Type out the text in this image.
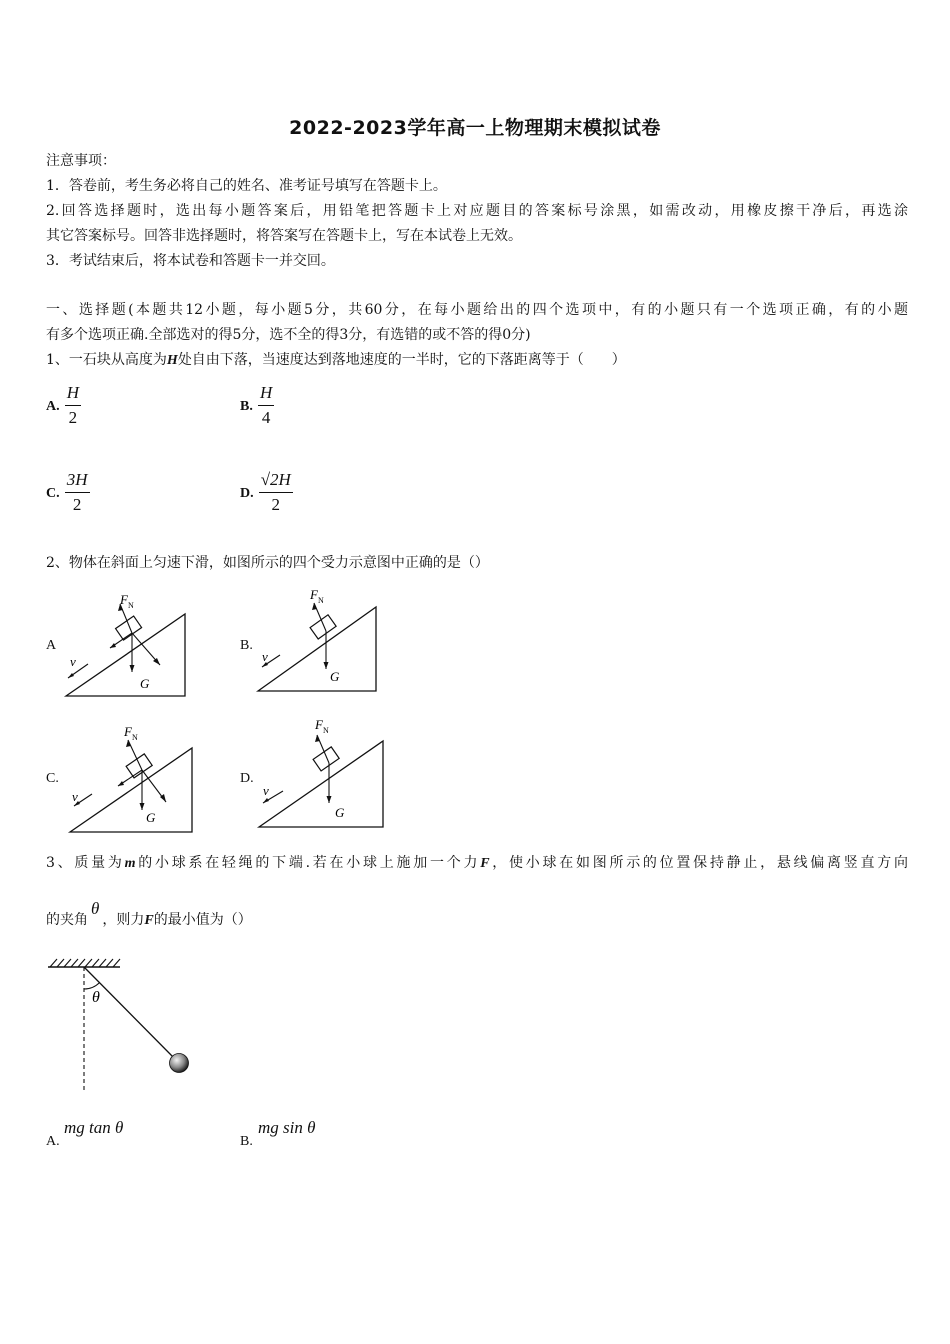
2022-2023学年高一上物理期末模拟试卷
注意事项：
1．答卷前，考生务必将自己的姓名、准考证号填写在答题卡上。
2.回答选择题时，选出每小题答案后，用铅笔把答题卡上对应题目的答案标号涂黑，如需改动，用橡皮擦干净后，再选涂
其它答案标号。回答非选择题时，将答案写在答题卡上，写在本试卷上无效。
3．考试结束后，将本试卷和答题卡一并交回。
一、选择题(本题共12小题，每小题5分，共60分，在每小题给出的四个选项中，有的小题只有一个选项正确，有的小题
有多个选项正确.全部选对的得5分，选不全的得3分，有选错的或不答的得0分)
1、一石块从高度为H处自由下落，当速度达到落地速度的一半时，它的下落距离等于（　　）
A. $\frac{H}{2}$	B. $\frac{H}{4}$
C. $\frac{3H}{2}$	D. $\frac{√2H}{2}$
2、物体在斜面上匀速下滑，如图所示的四个受力示意图中正确的是（）
A
$F_N$
v
G
B.
$F_N$
v
G
C.
$F_N$
v
G
D.
$F_N$
v
G
3、质量为m的小球系在轻绳的下端.若在小球上施加一个力F，使小球在如图所示的位置保持静止，悬线偏离竖直方向
的夹角θ，则力F的最小值为（）
θ
A.
mg tan θ
B.
mg sin θ
